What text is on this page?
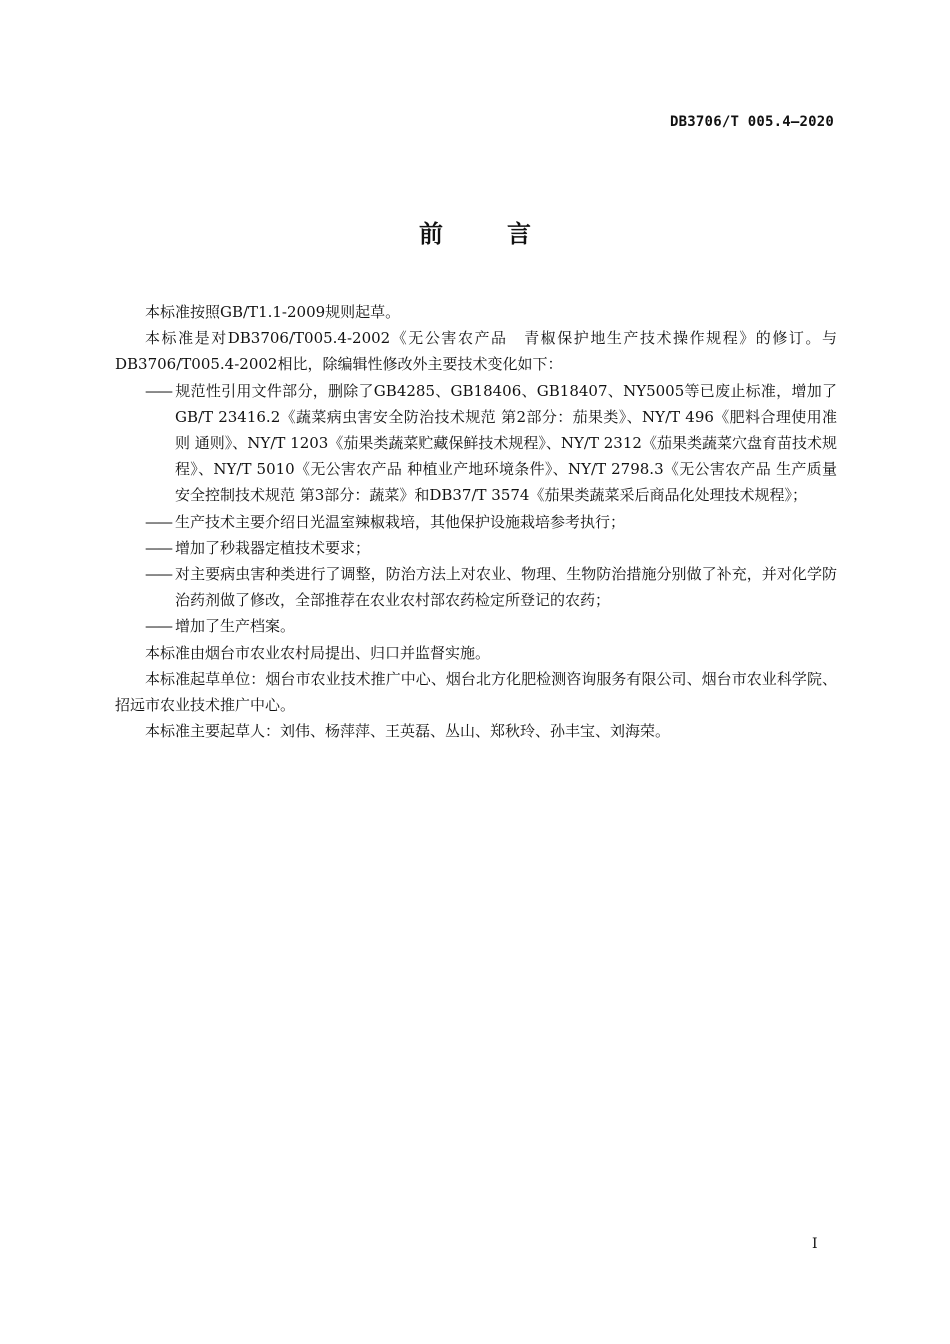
DB3706/T 005.4—2020
前	言

本标准按照GB/T1.1-2009规则起草。

本标准是对DB3706/T005.4-2002《无公害农产品　青椒保护地生产技术操作规程》的修订。与DB3706/T005.4-2002相比，除编辑性修改外主要技术变化如下：

—— 规范性引用文件部分，删除了GB4285、GB18406、GB18407、NY5005等已废止标准，增加了GB/T 23416.2《蔬菜病虫害安全防治技术规范 第2部分：茄果类》、NY/T 496《肥料合理使用准则 通则》、NY/T 1203《茄果类蔬菜贮藏保鲜技术规程》、NY/T 2312《茄果类蔬菜穴盘育苗技术规程》、NY/T 5010《无公害农产品 种植业产地环境条件》、NY/T 2798.3《无公害农产品 生产质量安全控制技术规范 第3部分：蔬菜》和DB37/T 3574《茄果类蔬菜采后商品化处理技术规程》；

—— 生产技术主要介绍日光温室辣椒栽培，其他保护设施栽培参考执行；

—— 增加了秒栽器定植技术要求；

—— 对主要病虫害种类进行了调整，防治方法上对农业、物理、生物防治措施分别做了补充，并对化学防治药剂做了修改，全部推荐在农业农村部农药检定所登记的农药；

—— 增加了生产档案。

本标准由烟台市农业农村局提出、归口并监督实施。

本标准起草单位：烟台市农业技术推广中心、烟台北方化肥检测咨询服务有限公司、烟台市农业科学院、招远市农业技术推广中心。

本标准主要起草人：刘伟、杨萍萍、王英磊、丛山、郑秋玲、孙丰宝、刘海荣。

I
